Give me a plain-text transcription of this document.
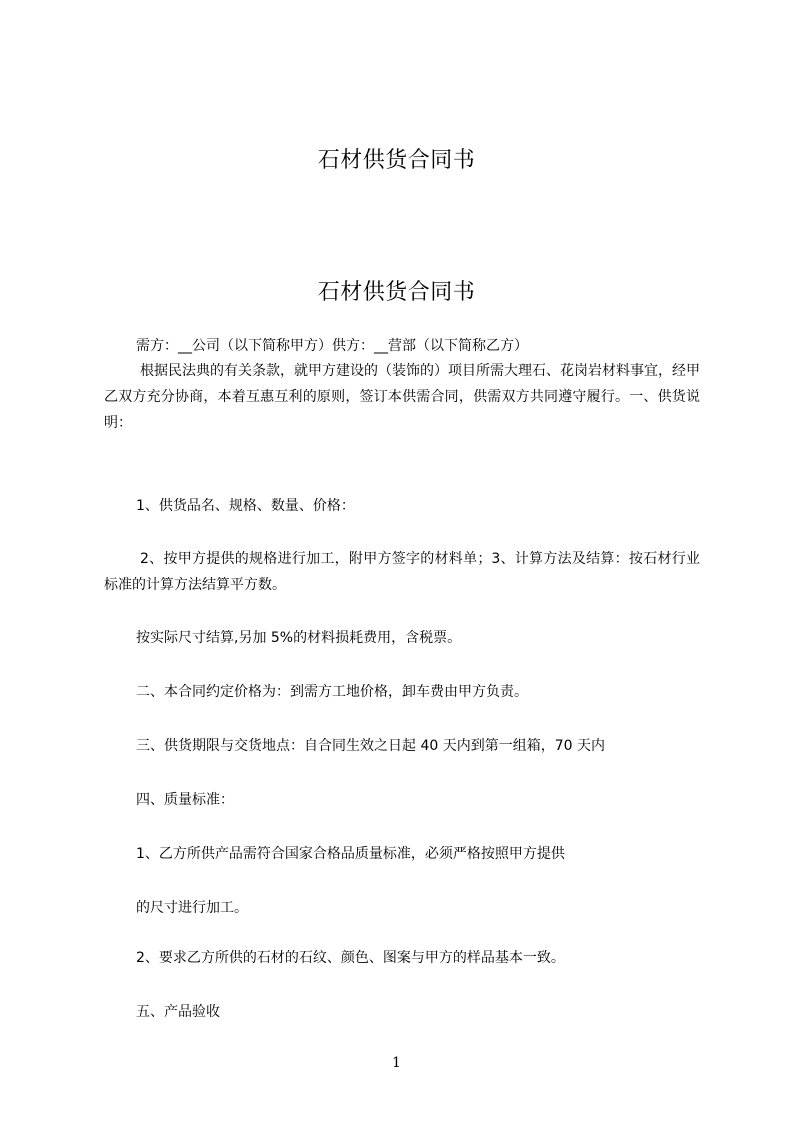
石材供货合同书
石材供货合同书

需方：__公司（以下简称甲方）供方：__营部（以下简称乙方）

根据民法典的有关条款，就甲方建设的（装饰的）项目所需大理石、花岗岩材料事宜，经甲乙双方充分协商，本着互惠互利的原则，签订本供需合同，供需双方共同遵守履行。一、供货说明：

1、供货品名、规格、数量、价格：

2、按甲方提供的规格进行加工，附甲方签字的材料单；3、计算方法及结算：按石材行业标准的计算方法结算平方数。

按实际尺寸结算,另加 5%的材料损耗费用，含税票。

二、本合同约定价格为：到需方工地价格，卸车费由甲方负责。

三、供货期限与交货地点：自合同生效之日起 40 天内到第一组箱，70 天内

四、质量标准：

1、乙方所供产品需符合国家合格品质量标准，必须严格按照甲方提供

的尺寸进行加工。

2、要求乙方所供的石材的石纹、颜色、图案与甲方的样品基本一致。

五、产品验收

1
